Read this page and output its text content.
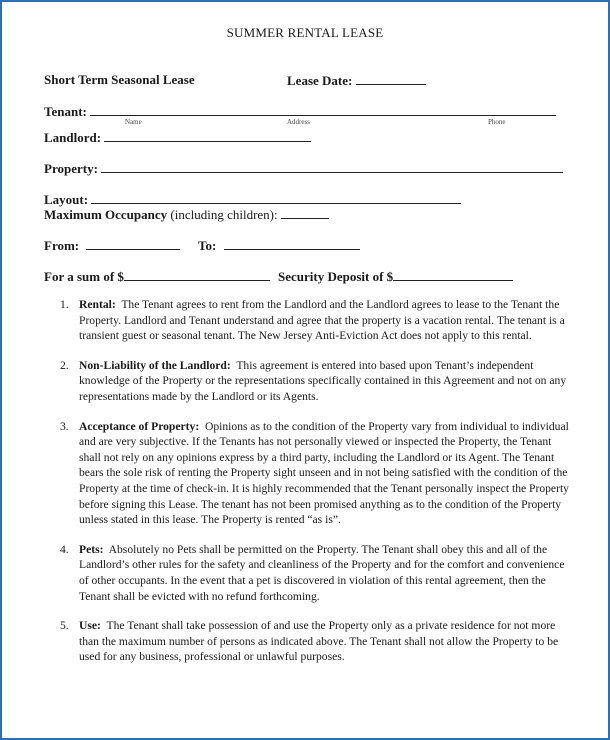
SUMMER RENTAL LEASE
Short Term Seasonal Lease	Lease Date:
Tenant:
Name	Address	Phone
Landlord:
Property:
Layout:
Maximum Occupancy (including children):
From:	To:
For a sum of $	Security Deposit of $
1. Rental: The Tenant agrees to rent from the Landlord and the Landlord agrees to lease to the Tenant the Property. Landlord and Tenant understand and agree that the property is a vacation rental. The tenant is a transient guest or seasonal tenant. The New Jersey Anti-Eviction Act does not apply to this rental.
2. Non-Liability of the Landlord: This agreement is entered into based upon Tenant’s independent knowledge of the Property or the representations specifically contained in this Agreement and not on any representations made by the Landlord or its Agents.
3. Acceptance of Property: Opinions as to the condition of the Property vary from individual to individual and are very subjective. If the Tenants has not personally viewed or inspected the Property, the Tenant shall not rely on any opinions express by a third party, including the Landlord or its Agent. The Tenant bears the sole risk of renting the Property sight unseen and in not being satisfied with the condition of the Property at the time of check-in. It is highly recommended that the Tenant personally inspect the Property before signing this Lease. The tenant has not been promised anything as to the condition of the Property unless stated in this lease. The Property is rented “as is”.
4. Pets: Absolutely no Pets shall be permitted on the Property. The Tenant shall obey this and all of the Landlord’s other rules for the safety and cleanliness of the Property and for the comfort and convenience of other occupants. In the event that a pet is discovered in violation of this rental agreement, then the Tenant shall be evicted with no refund forthcoming.
5. Use: The Tenant shall take possession of and use the Property only as a private residence for not more than the maximum number of persons as indicated above. The Tenant shall not allow the Property to be used for any business, professional or unlawful purposes.
